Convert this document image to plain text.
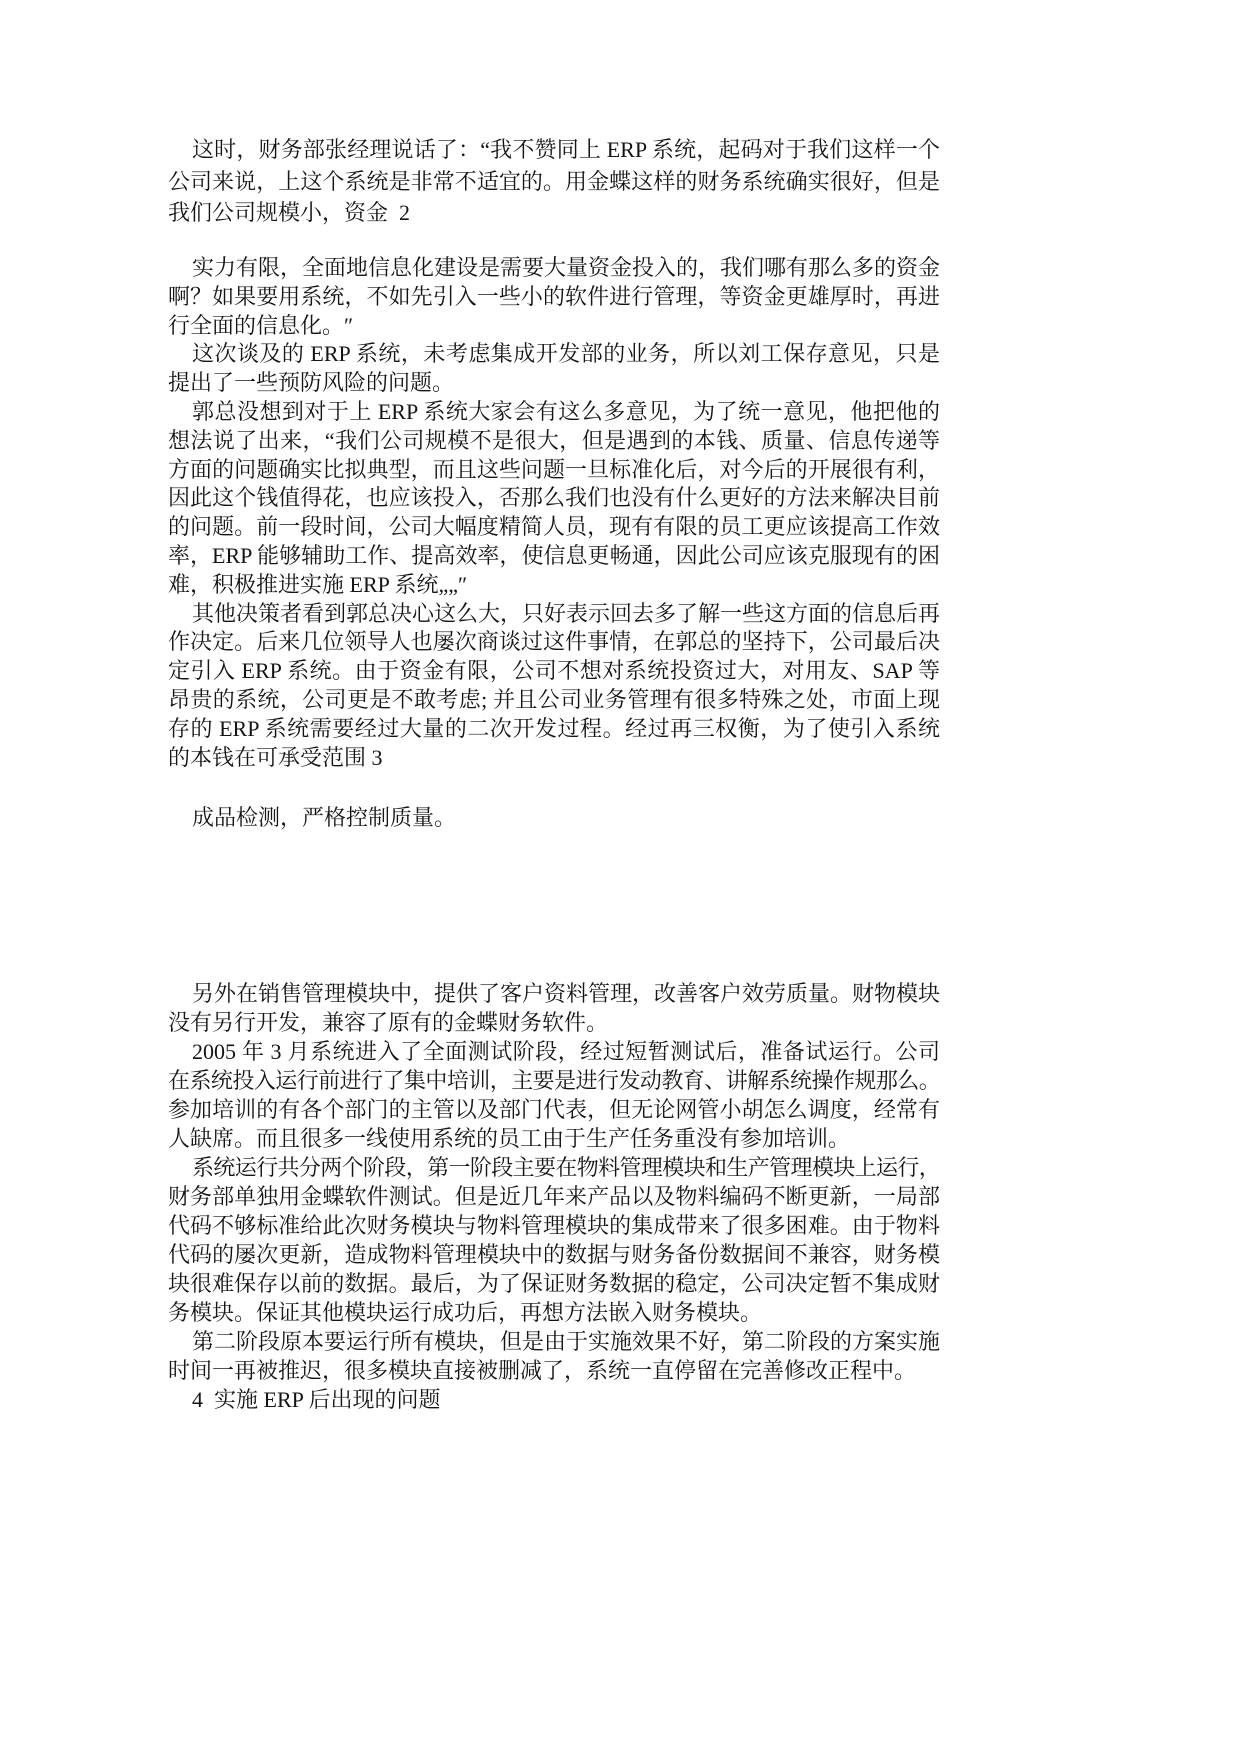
这时，财务部张经理说话了：“我不赞同上 ERP 系统，起码对于我们这样一个
公司来说，上这个系统是非常不适宜的。用金蝶这样的财务系统确实很好，但是
我们公司规模小，资金  2
实力有限，全面地信息化建设是需要大量资金投入的，我们哪有那么多的资金
啊？如果要用系统，不如先引入一些小的软件进行管理，等资金更雄厚时，再进
行全面的信息化。″
这次谈及的 ERP 系统，未考虑集成开发部的业务，所以刘工保存意见，只是
提出了一些预防风险的问题。
郭总没想到对于上 ERP 系统大家会有这么多意见，为了统一意见，他把他的
想法说了出来，“我们公司规模不是很大，但是遇到的本钱、质量、信息传递等
方面的问题确实比拟典型，而且这些问题一旦标准化后，对今后的开展很有利，
因此这个钱值得花，也应该投入，否那么我们也没有什么更好的方法来解决目前
的问题。前一段时间，公司大幅度精简人员，现有有限的员工更应该提高工作效
率，ERP 能够辅助工作、提高效率，使信息更畅通，因此公司应该克服现有的困
难，积极推进实施 ERP 系统„„″
其他决策者看到郭总决心这么大，只好表示回去多了解一些这方面的信息后再
作决定。后来几位领导人也屡次商谈过这件事情，在郭总的坚持下，公司最后决
定引入 ERP 系统。由于资金有限，公司不想对系统投资过大，对用友、SAP 等
昂贵的系统，公司更是不敢考虑; 并且公司业务管理有很多特殊之处，市面上现
存的 ERP 系统需要经过大量的二次开发过程。经过再三权衡，为了使引入系统
的本钱在可承受范围 3
成品检测，严格控制质量。
另外在销售管理模块中，提供了客户资料管理，改善客户效劳质量。财物模块
没有另行开发，兼容了原有的金蝶财务软件。
2005 年 3 月系统进入了全面测试阶段，经过短暂测试后，准备试运行。公司
在系统投入运行前进行了集中培训，主要是进行发动教育、讲解系统操作规那么。
参加培训的有各个部门的主管以及部门代表，但无论网管小胡怎么调度，经常有
人缺席。而且很多一线使用系统的员工由于生产任务重没有参加培训。
系统运行共分两个阶段，第一阶段主要在物料管理模块和生产管理模块上运行，
财务部单独用金蝶软件测试。但是近几年来产品以及物料编码不断更新，一局部
代码不够标准给此次财务模块与物料管理模块的集成带来了很多困难。由于物料
代码的屡次更新，造成物料管理模块中的数据与财务备份数据间不兼容，财务模
块很难保存以前的数据。最后，为了保证财务数据的稳定，公司决定暂不集成财
务模块。保证其他模块运行成功后，再想方法嵌入财务模块。
第二阶段原本要运行所有模块，但是由于实施效果不好，第二阶段的方案实施
时间一再被推迟，很多模块直接被删减了，系统一直停留在完善修改正程中。
4  实施 ERP 后出现的问题
